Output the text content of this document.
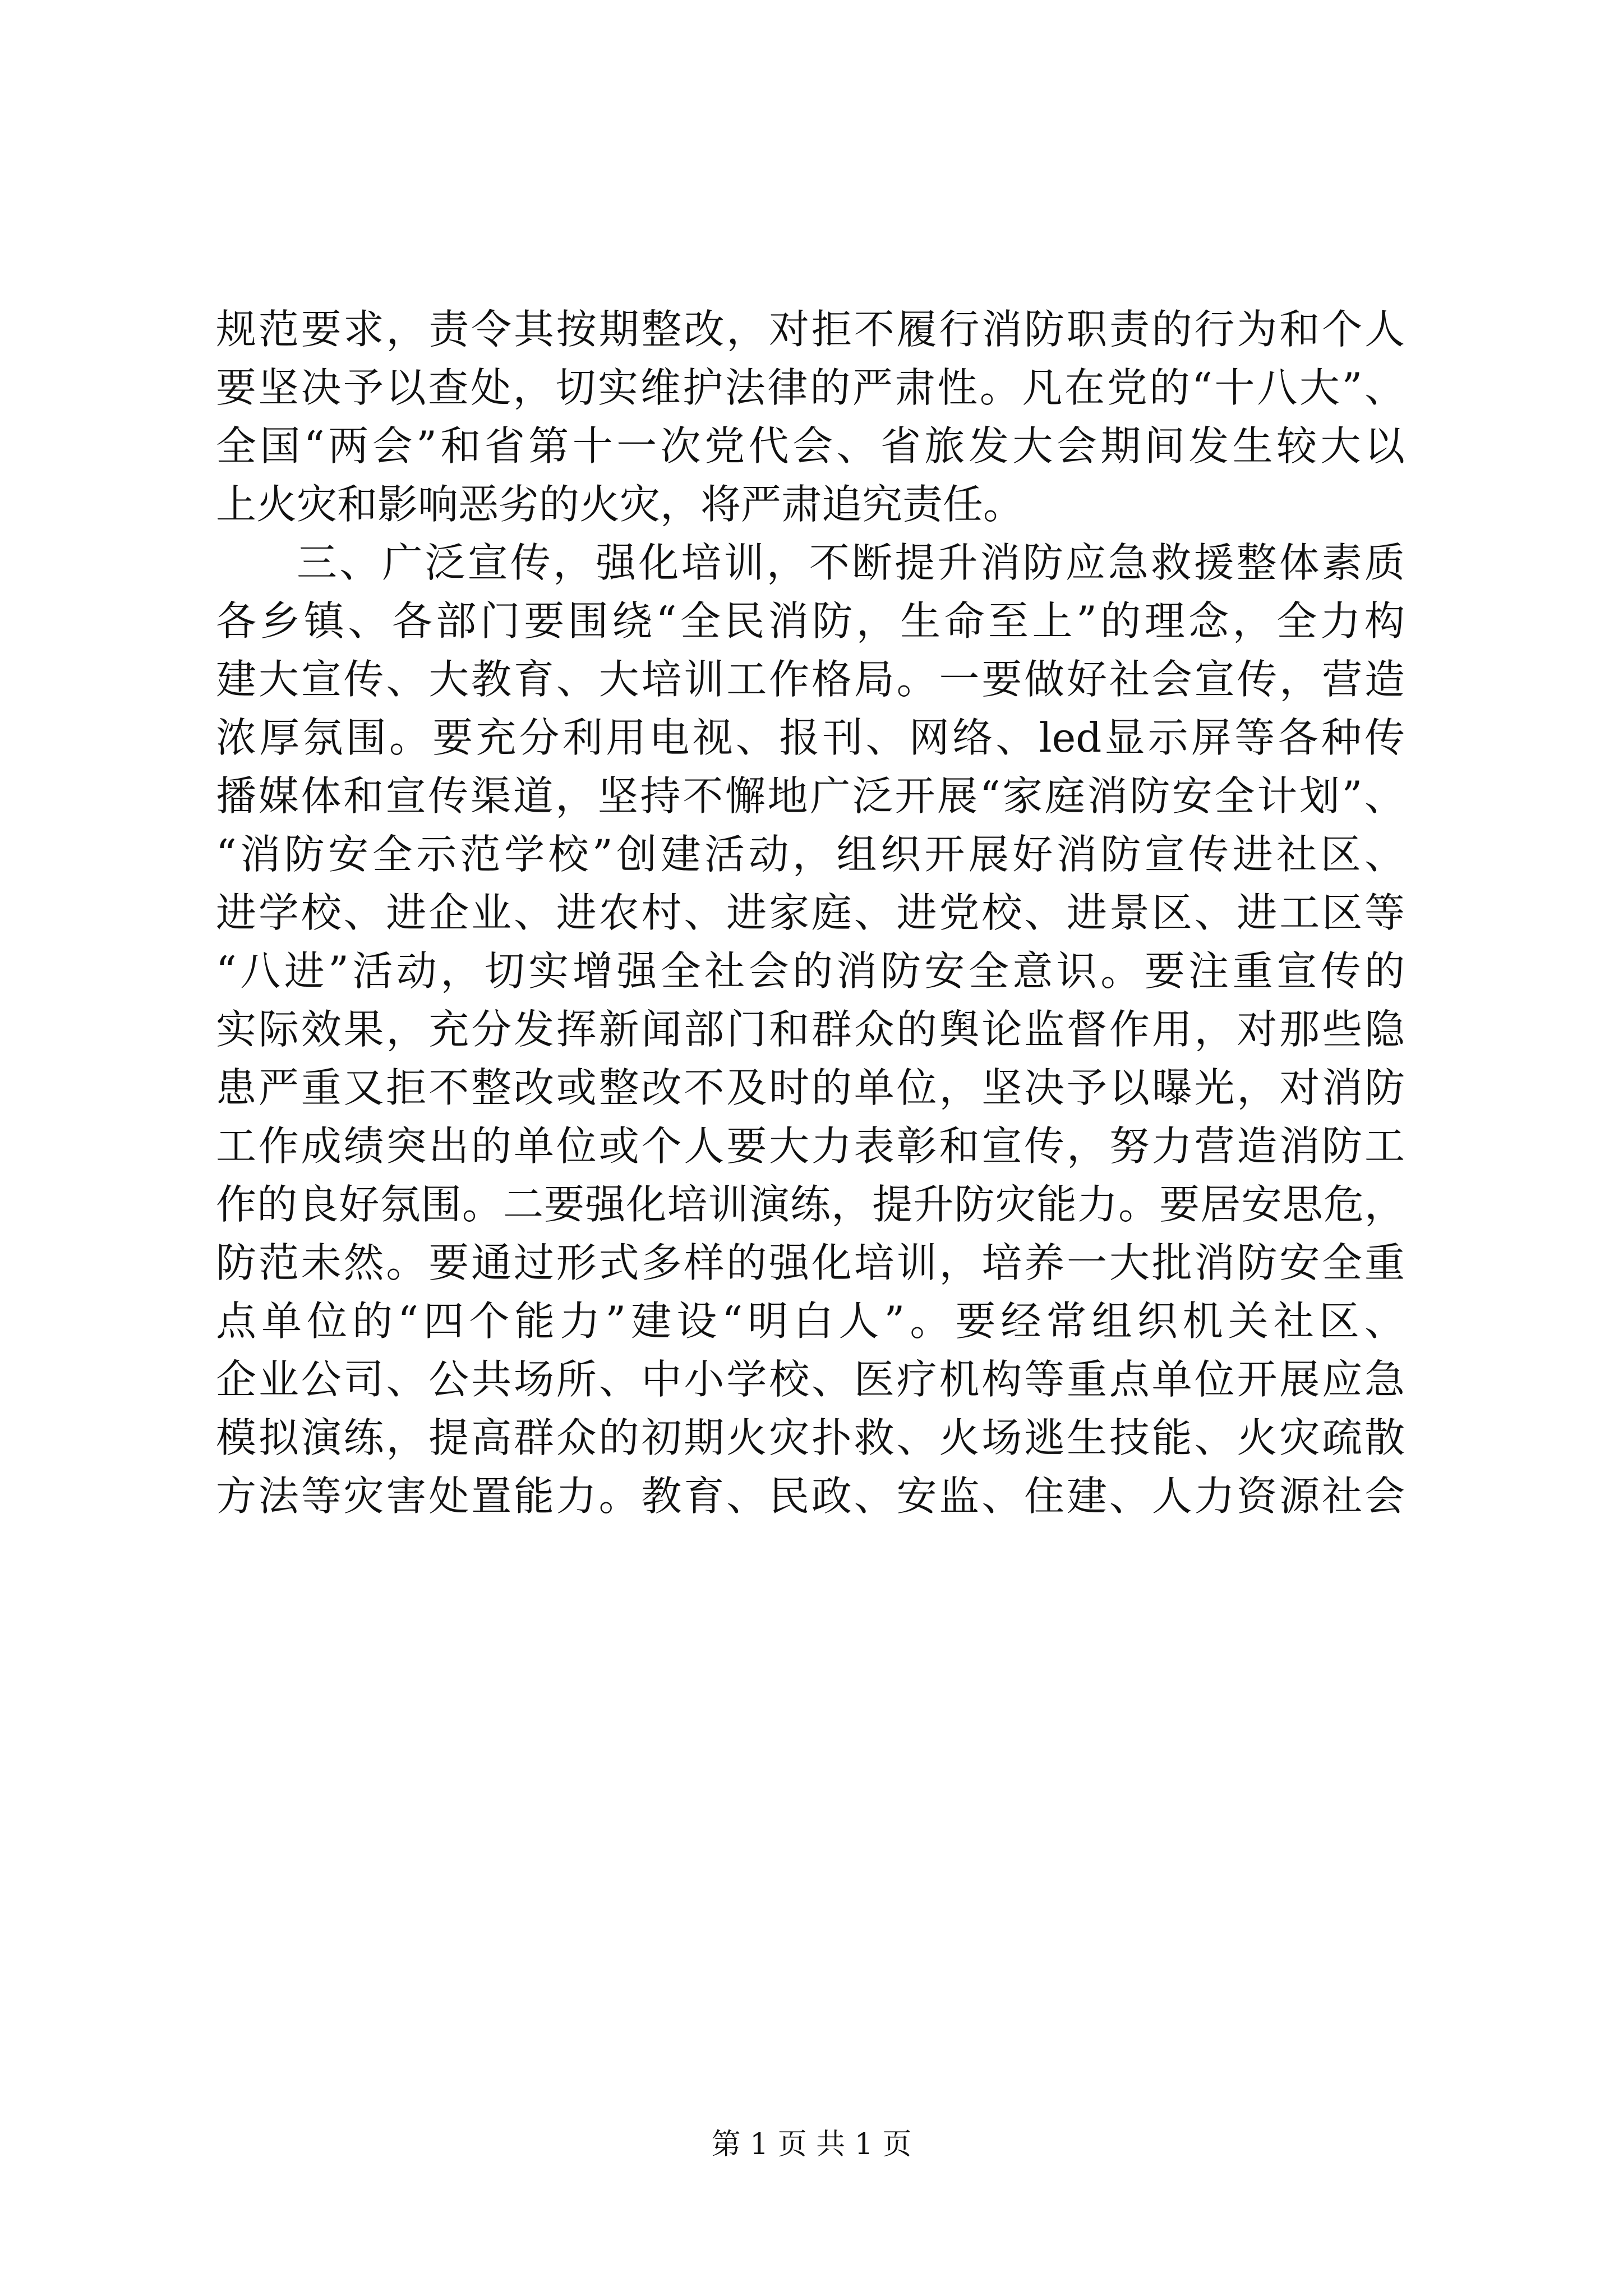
规范要求，责令其按期整改，对拒不履行消防职责的行为和个人
要坚决予以查处，切实维护法律的严肃性。凡在党的“十八大”、
全国“两会”和省第十一次党代会、省旅发大会期间发生较大以
上火灾和影响恶劣的火灾，将严肃追究责任。
三、广泛宣传，强化培训，不断提升消防应急救援整体素质
各乡镇、各部门要围绕“全民消防，生命至上”的理念，全力构
建大宣传、大教育、大培训工作格局。一要做好社会宣传，营造
浓厚氛围。要充分利用电视、报刊、网络、led显示屏等各种传
播媒体和宣传渠道，坚持不懈地广泛开展“家庭消防安全计划”、
“消防安全示范学校”创建活动，组织开展好消防宣传进社区、
进学校、进企业、进农村、进家庭、进党校、进景区、进工区等
“八进”活动，切实增强全社会的消防安全意识。要注重宣传的
实际效果，充分发挥新闻部门和群众的舆论监督作用，对那些隐
患严重又拒不整改或整改不及时的单位，坚决予以曝光，对消防
工作成绩突出的单位或个人要大力表彰和宣传，努力营造消防工
作的良好氛围。二要强化培训演练，提升防灾能力。要居安思危，
防范未然。要通过形式多样的强化培训，培养一大批消防安全重
点单位的“四个能力”建设“明白人”。要经常组织机关社区、
企业公司、公共场所、中小学校、医疗机构等重点单位开展应急
模拟演练，提高群众的初期火灾扑救、火场逃生技能、火灾疏散
方法等灾害处置能力。教育、民政、安监、住建、人力资源社会
第 1 页 共 1 页
